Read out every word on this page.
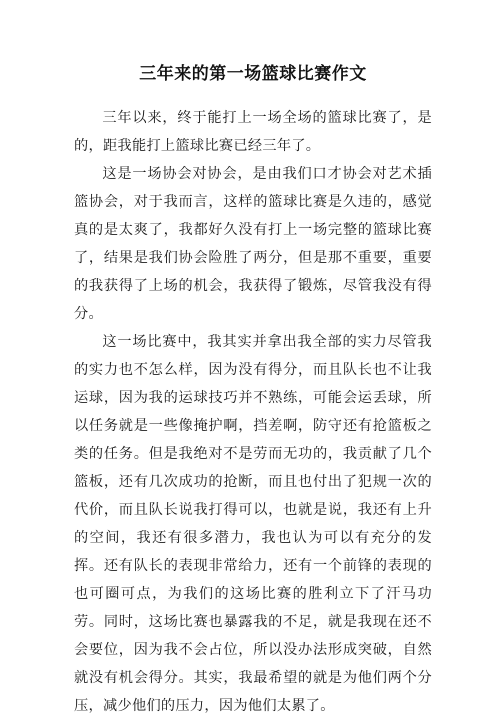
三年来的第一场篮球比赛作文

三年以来，终于能打上一场全场的篮球比赛了，是的，距我能打上篮球比赛已经三年了。

这是一场协会对协会，是由我们口才协会对艺术插篮协会，对于我而言，这样的篮球比赛是久违的，感觉真的是太爽了，我都好久没有打上一场完整的篮球比赛了，结果是我们协会险胜了两分，但是那不重要，重要的我获得了上场的机会，我获得了锻炼，尽管我没有得分。

这一场比赛中，我其实并拿出我全部的实力尽管我的实力也不怎么样，因为没有得分，而且队长也不让我运球，因为我的运球技巧并不熟练，可能会运丢球，所以任务就是一些像掩护啊，挡差啊，防守还有抢篮板之类的任务。但是我绝对不是劳而无功的，我贡献了几个篮板，还有几次成功的抢断，而且也付出了犯规一次的代价，而且队长说我打得可以，也就是说，我还有上升的空间，我还有很多潜力，我也认为可以有充分的发挥。还有队长的表现非常给力，还有一个前锋的表现的也可圈可点，为我们的这场比赛的胜利立下了汗马功劳。同时，这场比赛也暴露我的不足，就是我现在还不会要位，因为我不会占位，所以没办法形成突破，自然就没有机会得分。其实，我最希望的就是为他们两个分压，减少他们的压力，因为他们太累了。
